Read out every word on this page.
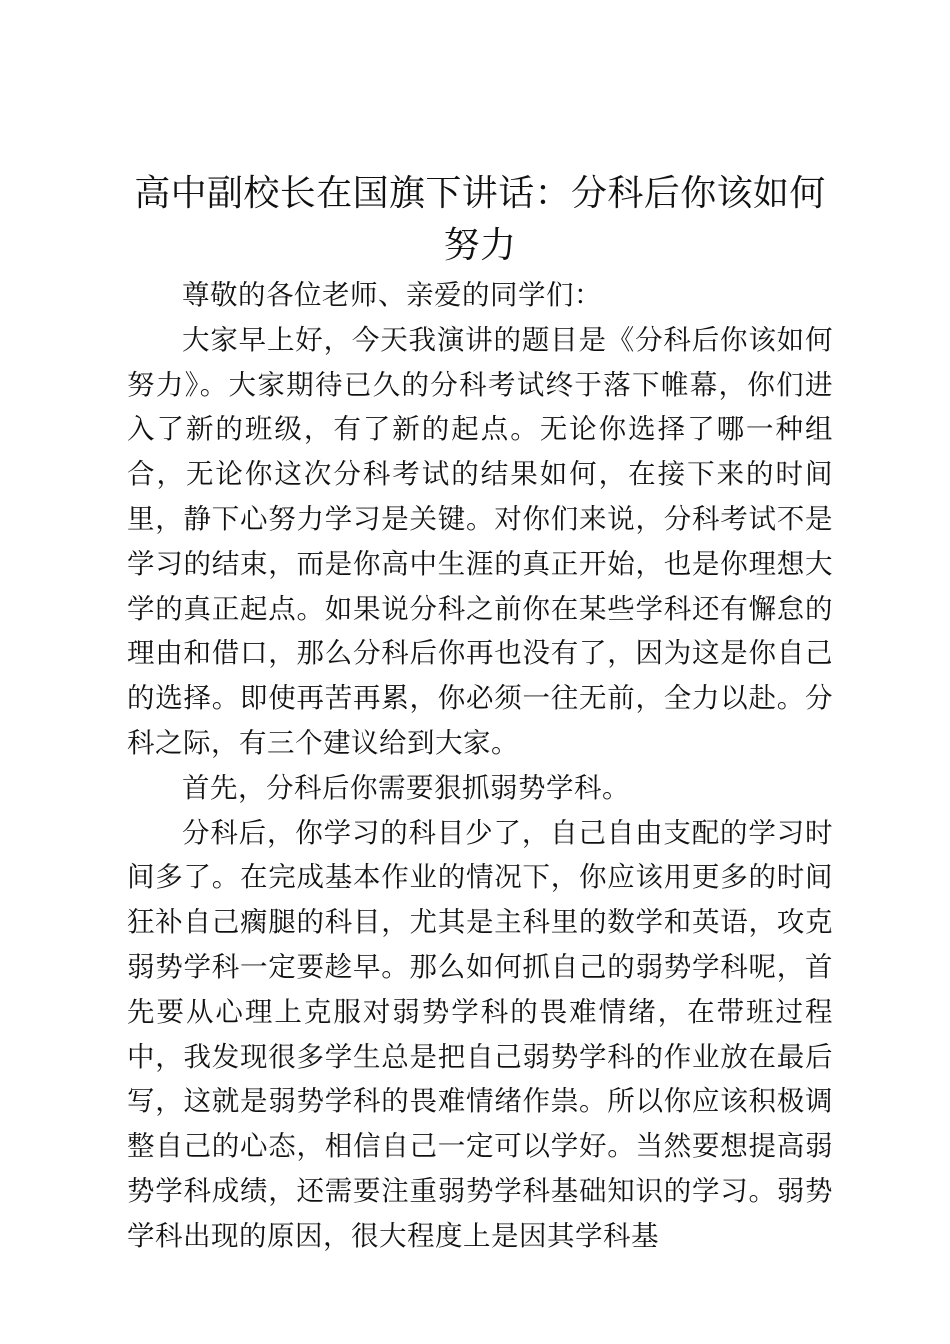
高中副校长在国旗下讲话：分科后你该如何努力

尊敬的各位老师、亲爱的同学们：

大家早上好，今天我演讲的题目是《分科后你该如何努力》。大家期待已久的分科考试终于落下帷幕，你们进入了新的班级，有了新的起点。无论你选择了哪一种组合，无论你这次分科考试的结果如何，在接下来的时间里，静下心努力学习是关键。对你们来说，分科考试不是学习的结束，而是你高中生涯的真正开始，也是你理想大学的真正起点。如果说分科之前你在某些学科还有懈怠的理由和借口，那么分科后你再也没有了，因为这是你自己的选择。即使再苦再累，你必须一往无前，全力以赴。分科之际，有三个建议给到大家。

首先，分科后你需要狠抓弱势学科。

分科后，你学习的科目少了，自己自由支配的学习时间多了。在完成基本作业的情况下，你应该用更多的时间狂补自己瘸腿的科目，尤其是主科里的数学和英语，攻克弱势学科一定要趁早。那么如何抓自己的弱势学科呢，首先要从心理上克服对弱势学科的畏难情绪，在带班过程中，我发现很多学生总是把自己弱势学科的作业放在最后写，这就是弱势学科的畏难情绪作祟。所以你应该积极调整自己的心态，相信自己一定可以学好。当然要想提高弱势学科成绩，还需要注重弱势学科基础知识的学习。弱势学科出现的原因，很大程度上是因其学科基
